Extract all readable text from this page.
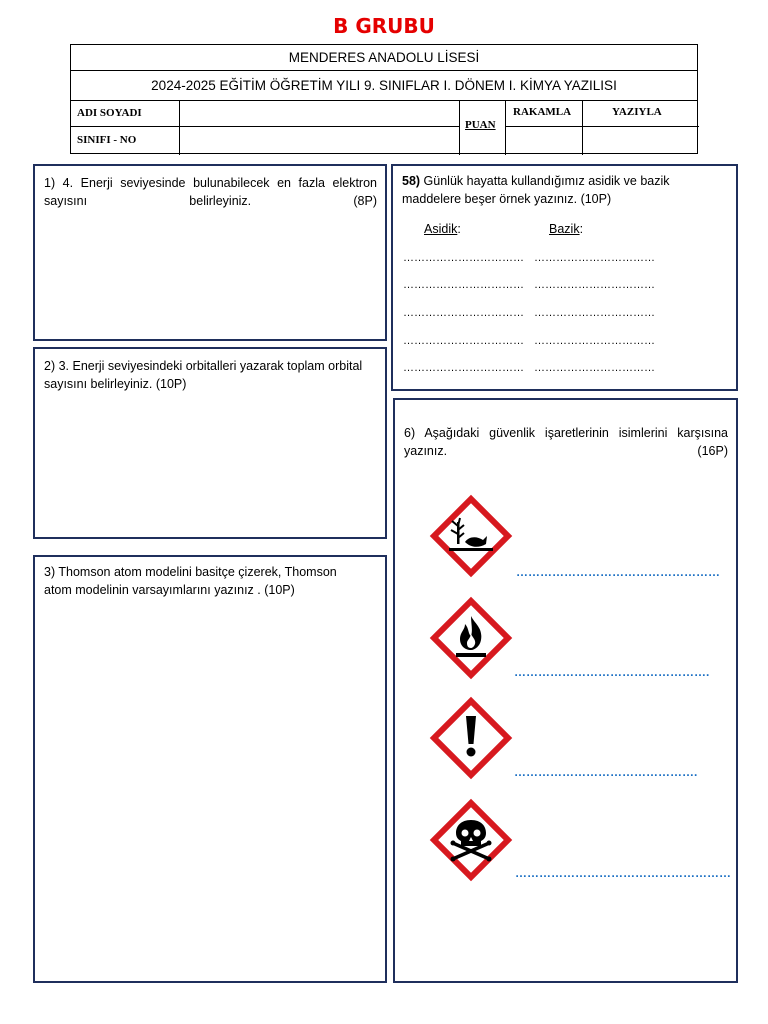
B GRUBU
MENDERES ANADOLU LİSESİ
2024-2025 EĞİTİM ÖĞRETİM YILI 9. SINIFLAR I. DÖNEM I. KİMYA YAZILISI
ADI SOYADI
SINIFI - NO
PUAN
RAKAMLA	YAZIYLA
1) 4. Enerji seviyesinde bulunabilecek en fazla elektron sayısını belirleyiniz. (8P)
2) 3. Enerji seviyesindeki orbitalleri yazarak toplam orbital sayısını belirleyiniz. (10P)
3) Thomson atom modelini basitçe çizerek, Thomson atom modelinin varsayımlarını yazınız . (10P)
58) Günlük hayatta kullandığımız asidik ve bazik maddelere beşer örnek yazınız. (10P)
Asidik:	Bazik:
…………………………… ……………………………
…………………………… ……………………………
…………………………… ……………………………
…………………………… ……………………………
…………………………… ……………………………
6) Aşağıdaki güvenlik işaretlerinin isimlerini karşısına yazınız. (16P)
……………………………………………
………………………………………….
……………………………………….
………………………………………………
